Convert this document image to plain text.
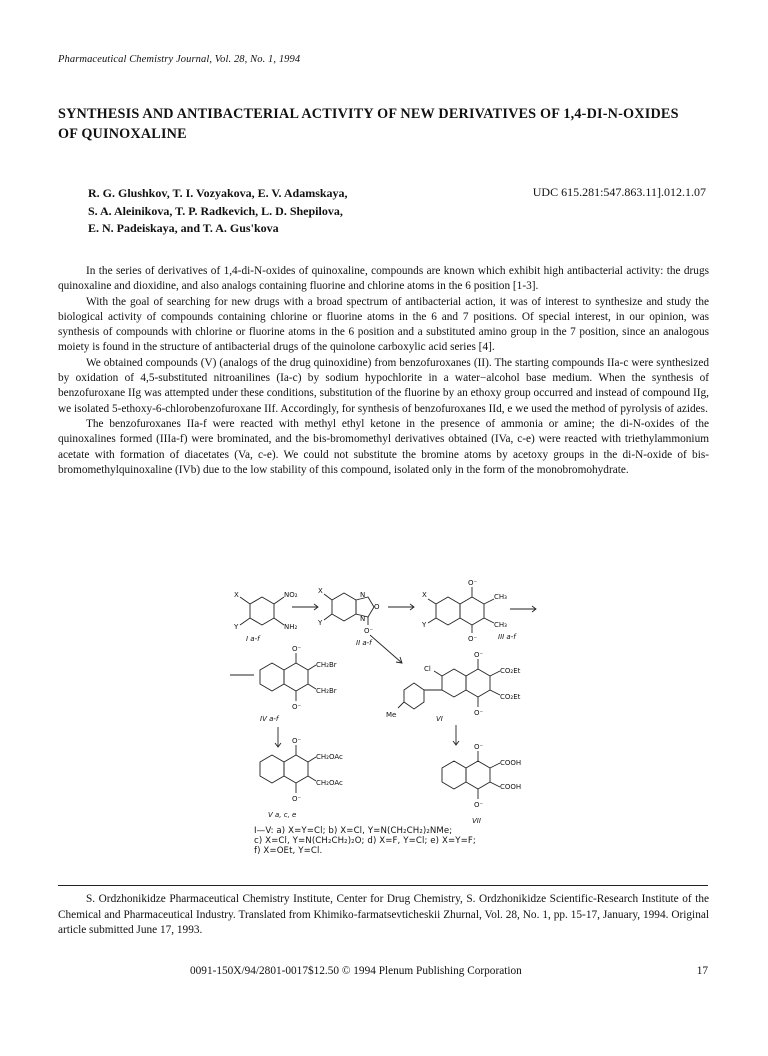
Pharmaceutical Chemistry Journal, Vol. 28, No. 1, 1994
SYNTHESIS AND ANTIBACTERIAL ACTIVITY OF NEW DERIVATIVES OF 1,4-DI-N-OXIDES OF QUINOXALINE
R. G. Glushkov, T. I. Vozyakova, E. V. Adamskaya,
S. A. Aleinikova, T. P. Radkevich, L. D. Shepilova,
E. N. Padeiskaya, and T. A. Gus'kova
UDC 615.281:547.863.11].012.1.07

In the series of derivatives of 1,4-di-N-oxides of quinoxaline, compounds are known which exhibit high antibacterial activity: the drugs quinoxaline and dioxidine, and also analogs containing fluorine and chlorine atoms in the 6 position [1-3].

With the goal of searching for new drugs with a broad spectrum of antibacterial action, it was of interest to synthesize and study the biological activity of compounds containing chlorine or fluorine atoms in the 6 and 7 positions. Of special interest, in our opinion, was synthesis of compounds with chlorine or fluorine atoms in the 6 position and a substituted amino group in the 7 position, since an analogous moiety is found in the structure of antibacterial drugs of the quinolone carboxylic acid series [4].

We obtained compounds (V) (analogs of the drug quinoxidine) from benzofuroxanes (II). The starting compounds IIa-c were synthesized by oxidation of 4,5-substituted nitroanilines (Ia-c) by sodium hypochlorite in a water−alcohol base medium. When the synthesis of benzofuroxane IIg was attempted under these conditions, substitution of the fluorine by an ethoxy group occurred and instead of compound IIg, we isolated 5-ethoxy-6-chlorobenzofuroxane IIf. Accordingly, for synthesis of benzofuroxanes IId, e we used the method of pyrolysis of azides.

The benzofuroxanes IIa-f were reacted with methyl ethyl ketone in the presence of ammonia or amine; the di-N-oxides of the quinoxalines formed (IIIa-f) were brominated, and the bis-bromomethyl derivatives obtained (IVa, c-e) were reacted with triethylammonium acetate with formation of diacetates (Va, c-e). We could not substitute the bromine atoms by acetoxy groups in the di-N-oxide of bis-bromomethylquinoxaline (IVb) due to the low stability of this compound, isolated only in the form of the monobromohydrate.

X	NO₂
Y	NH₂
I a-f
X
Y
N
O
N
O⁻
II a-f
O⁻
X	CH₃
Y	CH₃
O⁻	III a-f
O⁻
CH₂Br
CH₂Br
O⁻
IV a-f
O⁻
CH₂OAc
CH₂OAc
O⁻
V a, c, e
O⁻
Cl	CO₂Et
CO₂Et
Me	O⁻
VI
O⁻
COOH
COOH
O⁻
VII
I—V: a) X=Y=Cl; b) X=Cl, Y=N(CH₂CH₂)₂NMe;
c) X=Cl, Y=N(CH₂CH₂)₂O; d) X=F, Y=Cl; e) X=Y=F;
f) X=OEt, Y=Cl.
S. Ordzhonikidze Pharmaceutical Chemistry Institute, Center for Drug Chemistry, S. Ordzhonikidze Scientific-Research Institute of the Chemical and Pharmaceutical Industry. Translated from Khimiko-farmatsevticheskii Zhurnal, Vol. 28, No. 1, pp. 15-17, January, 1994. Original article submitted June 17, 1993.
0091-150X/94/2801-0017$12.50 © 1994 Plenum Publishing Corporation	17
